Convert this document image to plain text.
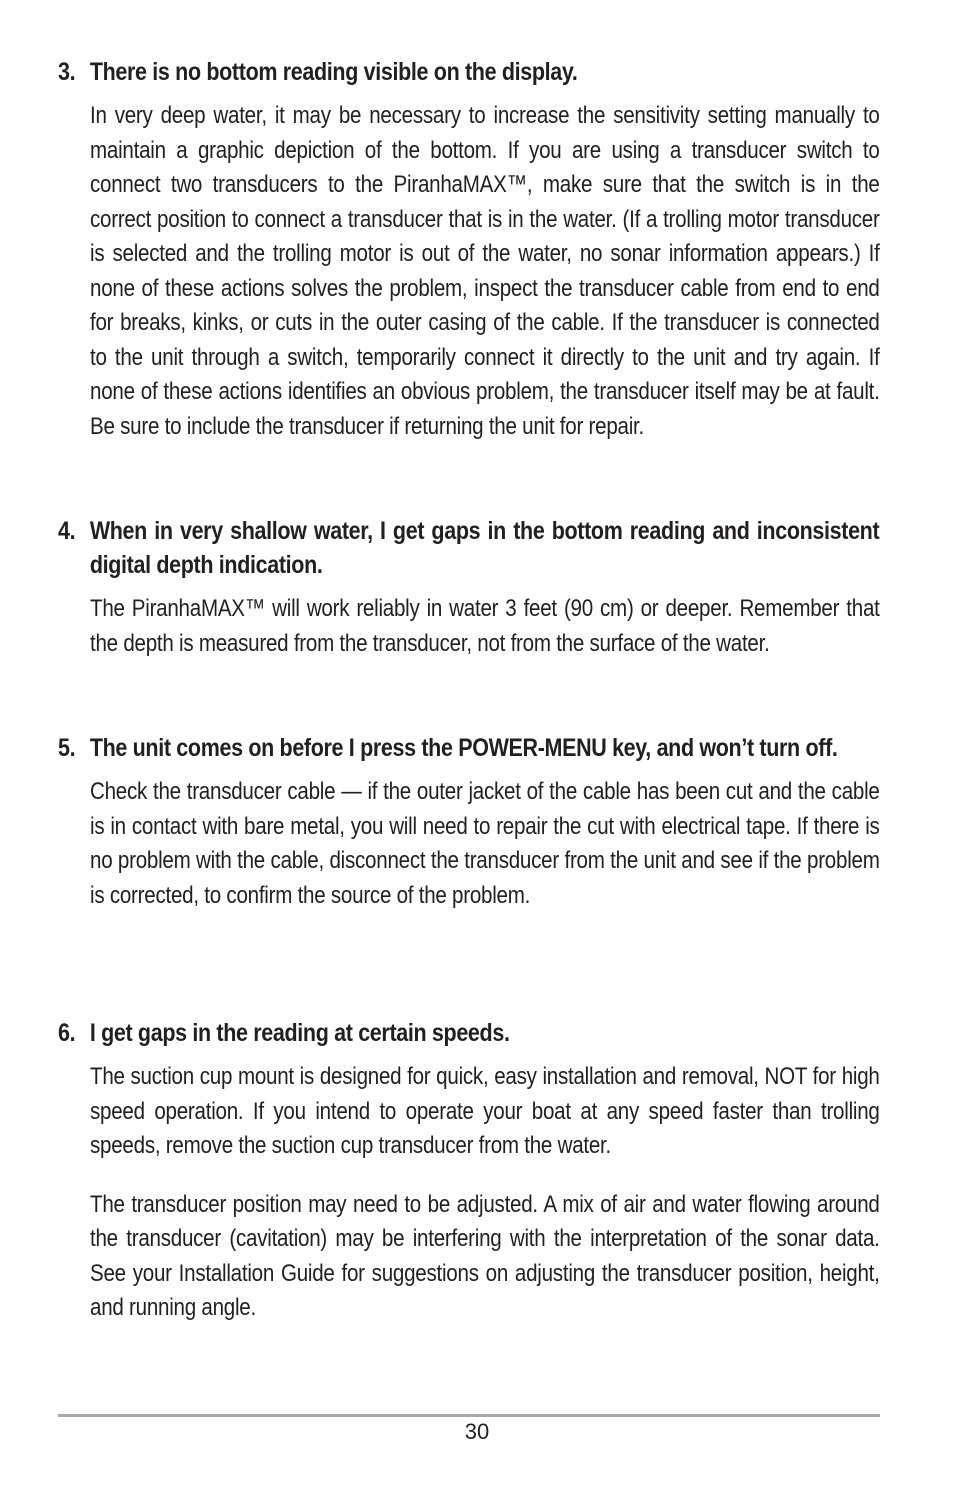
3. There is no bottom reading visible on the display.
In very deep water, it may be necessary to increase the sensitivity setting manually to maintain a graphic depiction of the bottom. If you are using a transducer switch to connect two transducers to the PiranhaMAX™, make sure that the switch is in the correct position to connect a transducer that is in the water. (If a trolling motor transducer is selected and the trolling motor is out of the water, no sonar information appears.) If none of these actions solves the problem, inspect the transducer cable from end to end for breaks, kinks, or cuts in the outer casing of the cable. If the transducer is connected to the unit through a switch, temporarily connect it directly to the unit and try again. If none of these actions identifies an obvious problem, the transducer itself may be at fault. Be sure to include the transducer if returning the unit for repair.
4. When in very shallow water, I get gaps in the bottom reading and inconsistent digital depth indication.
The PiranhaMAX™ will work reliably in water 3 feet (90 cm) or deeper. Remember that the depth is measured from the transducer, not from the surface of the water.
5. The unit comes on before I press the POWER-MENU key, and won’t turn off.
Check the transducer cable — if the outer jacket of the cable has been cut and the cable is in contact with bare metal, you will need to repair the cut with electrical tape. If there is no problem with the cable, disconnect the transducer from the unit and see if the problem is corrected, to confirm the source of the problem.
6. I get gaps in the reading at certain speeds.
The suction cup mount is designed for quick, easy installation and removal, NOT for high speed operation. If you intend to operate your boat at any speed faster than trolling speeds, remove the suction cup transducer from the water.
The transducer position may need to be adjusted. A mix of air and water flowing around the transducer (cavitation) may be interfering with the interpretation of the sonar data. See your Installation Guide for suggestions on adjusting the transducer position, height, and running angle.
30
